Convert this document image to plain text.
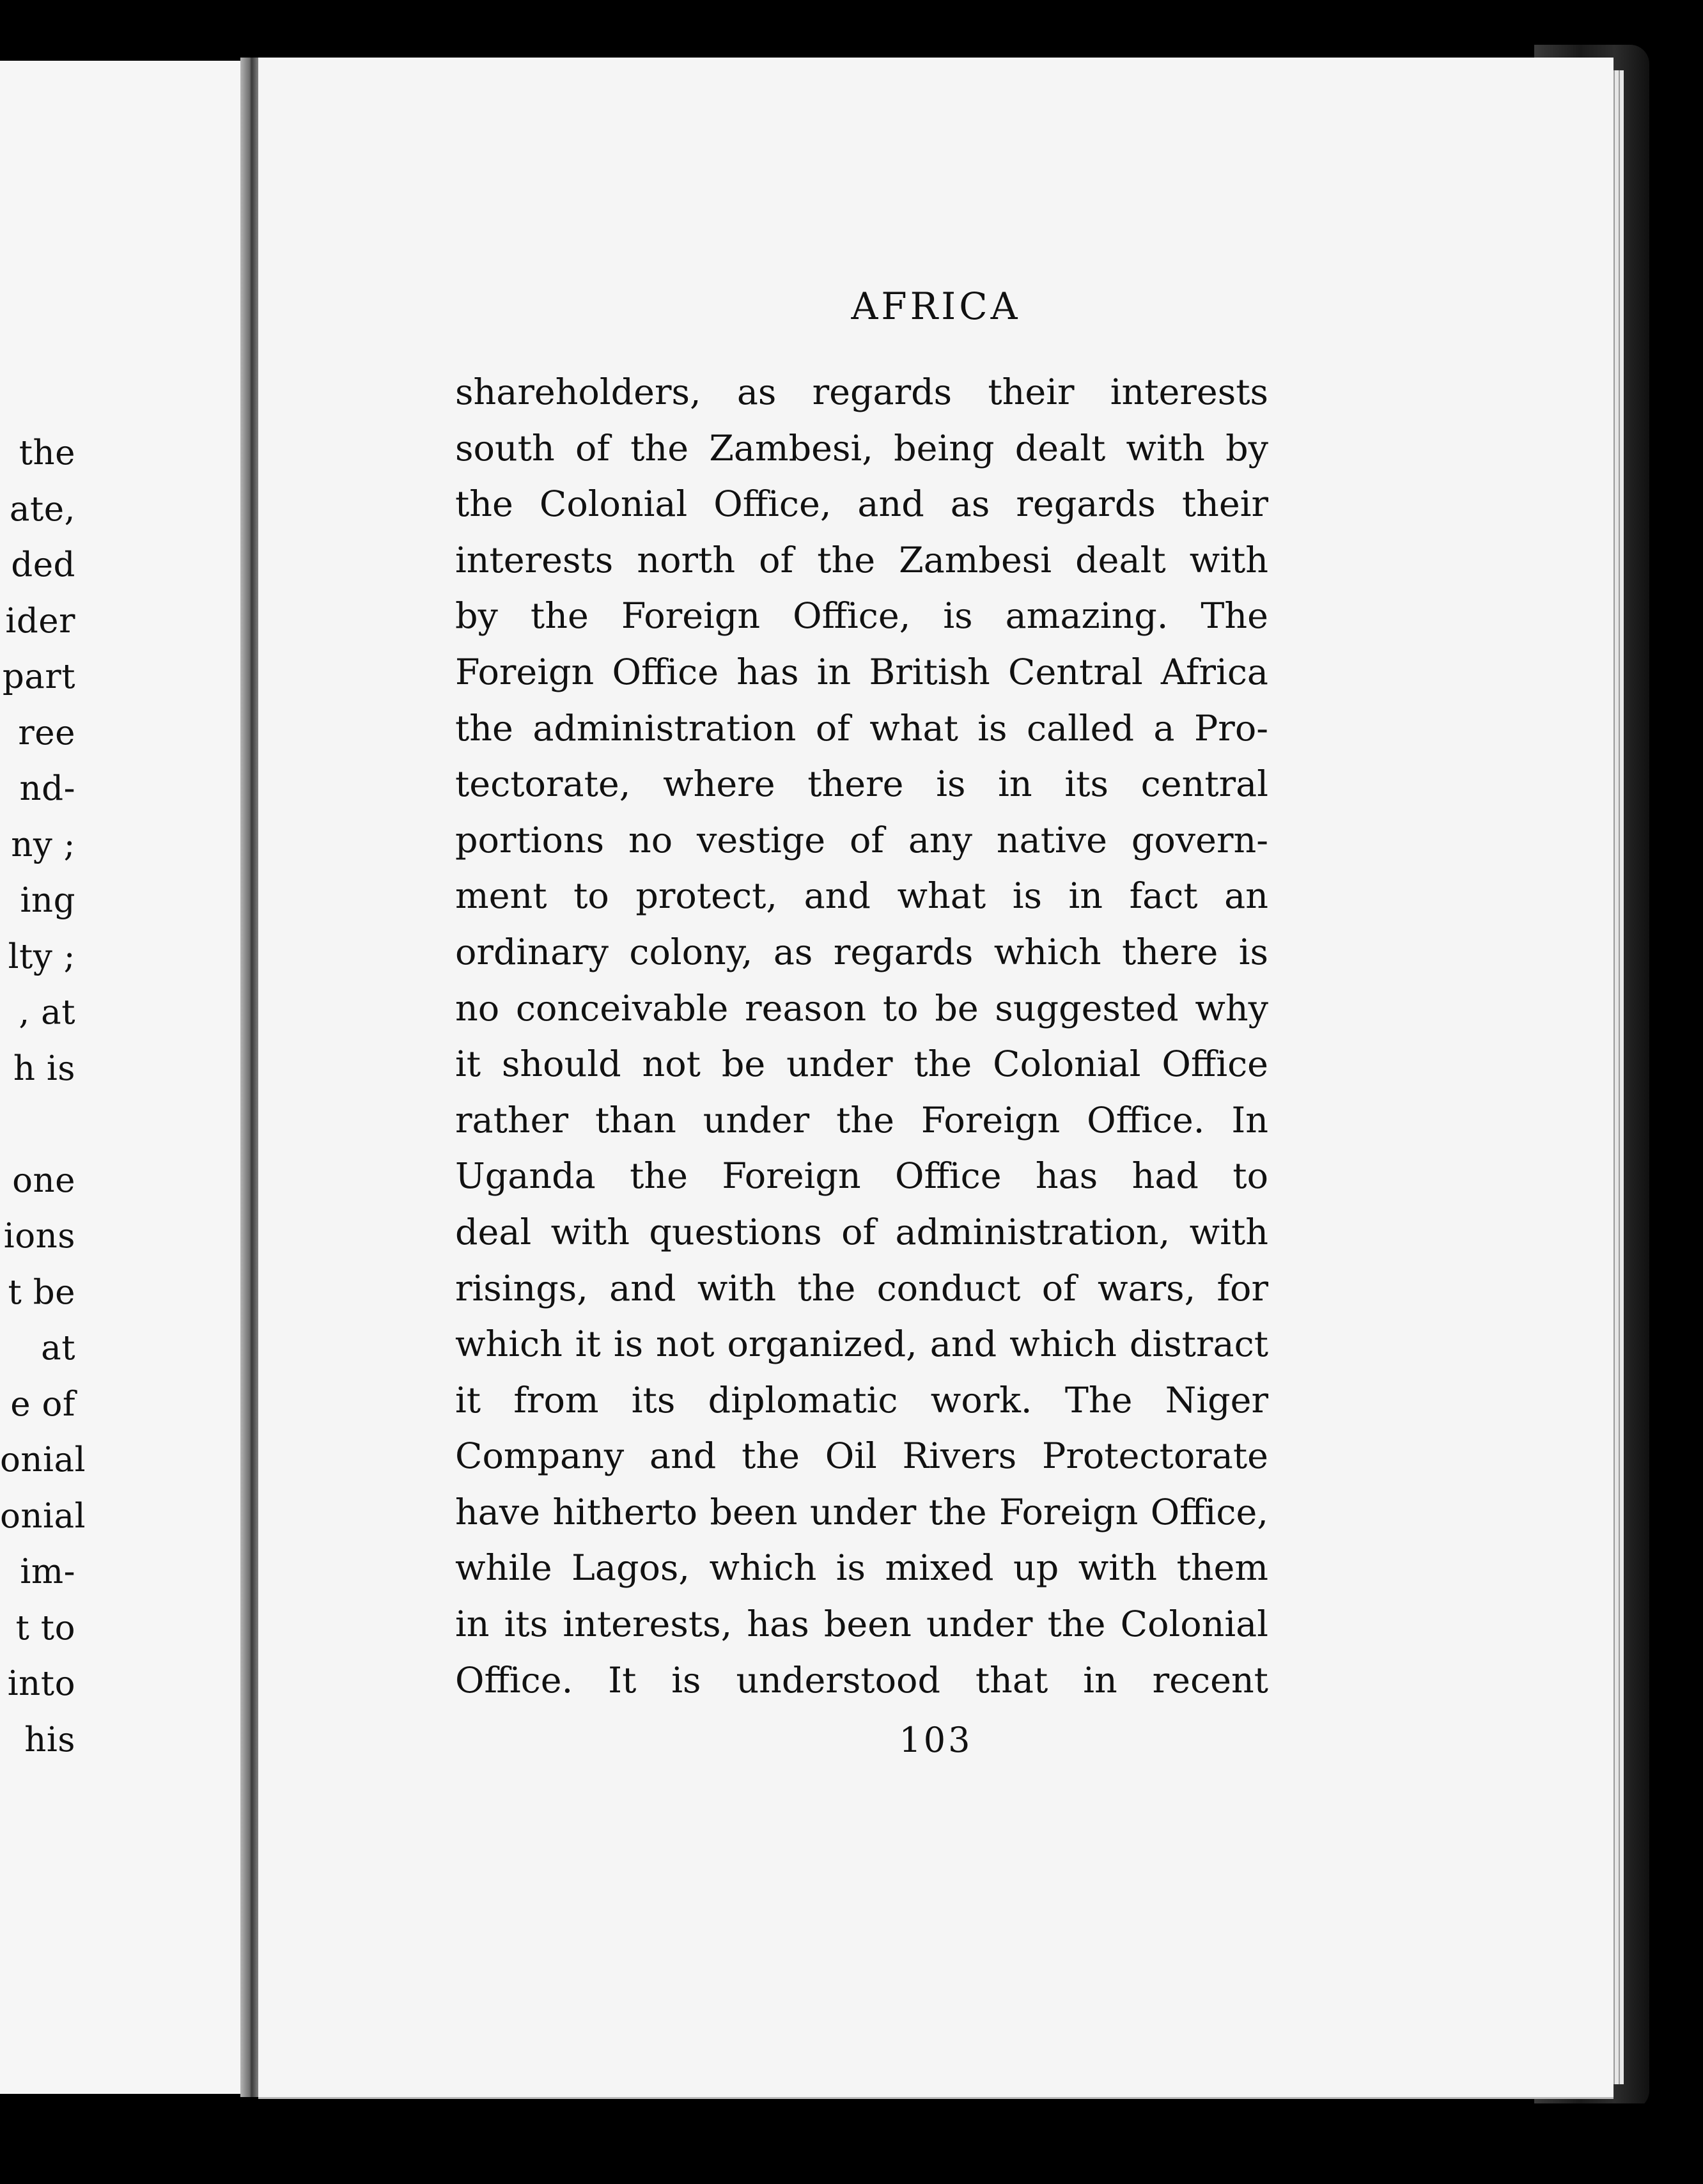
the
ate,
ded
ider
part
ree
nd-
ny ;
ing
lty ;
, at
h is
one
ions
t be
at
e of
onial
onial
im-
t to
into
his
AFRICA
shareholders, as regards their interests
south of the Zambesi, being dealt with by
the Colonial Office, and as regards their
interests north of the Zambesi dealt with
by the Foreign Office, is amazing. The
Foreign Office has in British Central Africa
the administration of what is called a Pro-
tectorate, where there is in its central
portions no vestige of any native govern-
ment to protect, and what is in fact an
ordinary colony, as regards which there is
no conceivable reason to be suggested why
it should not be under the Colonial Office
rather than under the Foreign Office. In
Uganda the Foreign Office has had to
deal with questions of administration, with
risings, and with the conduct of wars, for
which it is not organized, and which distract
it from its diplomatic work. The Niger
Company and the Oil Rivers Protectorate
have hitherto been under the Foreign Office,
while Lagos, which is mixed up with them
in its interests, has been under the Colonial
Office. It is understood that in recent
103
